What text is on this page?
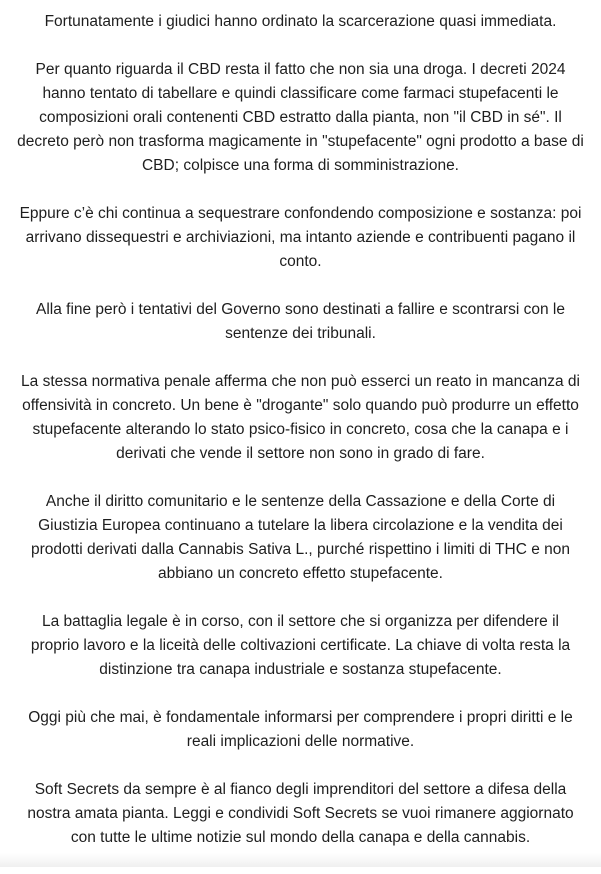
Fortunatamente i giudici hanno ordinato la scarcerazione quasi immediata.

Per quanto riguarda il CBD resta il fatto che non sia una droga. I decreti 2024 hanno tentato di tabellare e quindi classificare come farmaci stupefacenti le composizioni orali contenenti CBD estratto dalla pianta, non "il CBD in sé". Il decreto però non trasforma magicamente in "stupefacente" ogni prodotto a base di CBD; colpisce una forma di somministrazione.

Eppure c’è chi continua a sequestrare confondendo composizione e sostanza: poi arrivano dissequestri e archiviazioni, ma intanto aziende e contribuenti pagano il conto.

Alla fine però i tentativi del Governo sono destinati a fallire e scontrarsi con le sentenze dei tribunali.

La stessa normativa penale afferma che non può esserci un reato in mancanza di offensività in concreto. Un bene è "drogante" solo quando può produrre un effetto stupefacente alterando lo stato psico-fisico in concreto, cosa che la canapa e i derivati che vende il settore non sono in grado di fare.

Anche il diritto comunitario e le sentenze della Cassazione e della Corte di Giustizia Europea continuano a tutelare la libera circolazione e la vendita dei prodotti derivati dalla Cannabis Sativa L., purché rispettino i limiti di THC e non abbiano un concreto effetto stupefacente.

La battaglia legale è in corso, con il settore che si organizza per difendere il proprio lavoro e la liceità delle coltivazioni certificate. La chiave di volta resta la distinzione tra canapa industriale e sostanza stupefacente.

Oggi più che mai, è fondamentale informarsi per comprendere i propri diritti e le reali implicazioni delle normative.

Soft Secrets da sempre è al fianco degli imprenditori del settore a difesa della nostra amata pianta. Leggi e condividi Soft Secrets se vuoi rimanere aggiornato con tutte le ultime notizie sul mondo della canapa e della cannabis.
